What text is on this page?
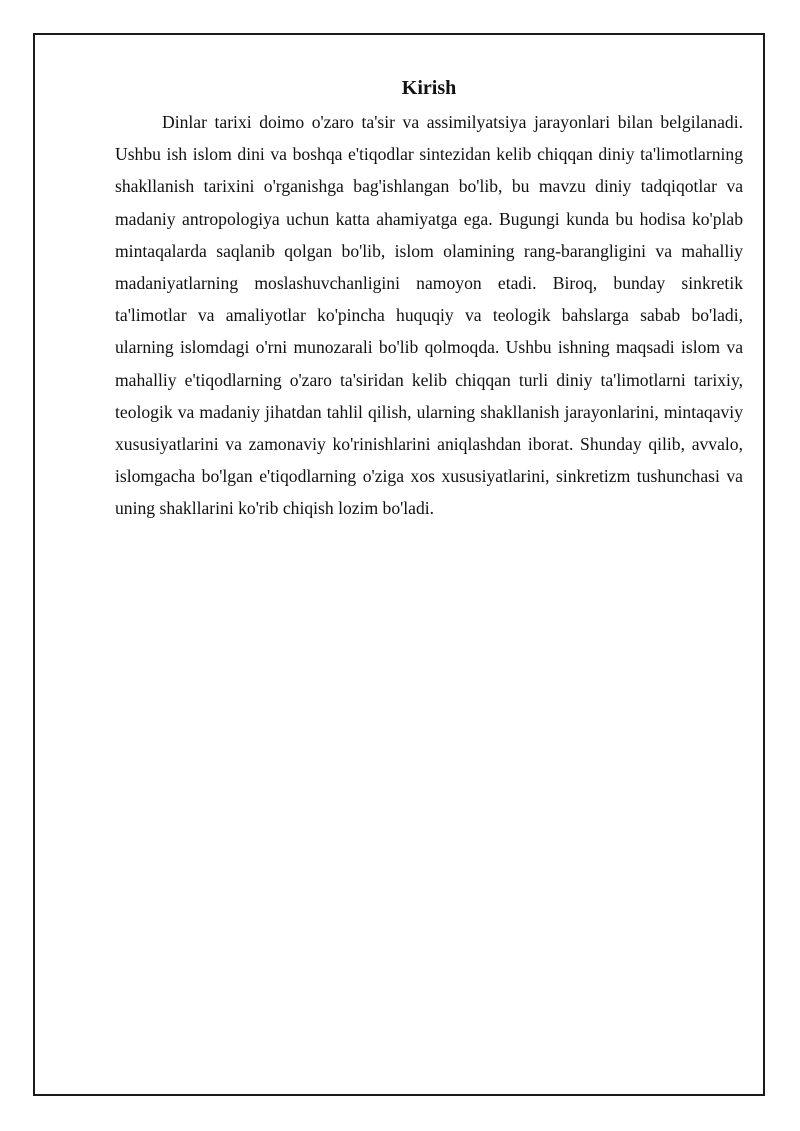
Kirish

Dinlar tarixi doimo o'zaro ta'sir va assimilyatsiya jarayonlari bilan belgilanadi. Ushbu ish islom dini va boshqa e'tiqodlar sintezidan kelib chiqqan diniy ta'limotlarning shakllanish tarixini o'rganishga bag'ishlangan bo'lib, bu mavzu diniy tadqiqotlar va madaniy antropologiya uchun katta ahamiyatga ega. Bugungi kunda bu hodisa ko'plab mintaqalarda saqlanib qolgan bo'lib, islom olamining rang-barangligini va mahalliy madaniyatlarning moslashuvchanligini namoyon etadi. Biroq, bunday sinkretik ta'limotlar va amaliyotlar ko'pincha huquqiy va teologik bahslarga sabab bo'ladi, ularning islomdagi o'rni munozarali bo'lib qolmoqda. Ushbu ishning maqsadi islom va mahalliy e'tiqodlarning o'zaro ta'siridan kelib chiqqan turli diniy ta'limotlarni tarixiy, teologik va madaniy jihatdan tahlil qilish, ularning shakllanish jarayonlarini, mintaqaviy xususiyatlarini va zamonaviy ko'rinishlarini aniqlashdan iborat. Shunday qilib, avvalo, islomgacha bo'lgan e'tiqodlarning o'ziga xos xususiyatlarini, sinkretizm tushunchasi va uning shakllarini ko'rib chiqish lozim bo'ladi.
